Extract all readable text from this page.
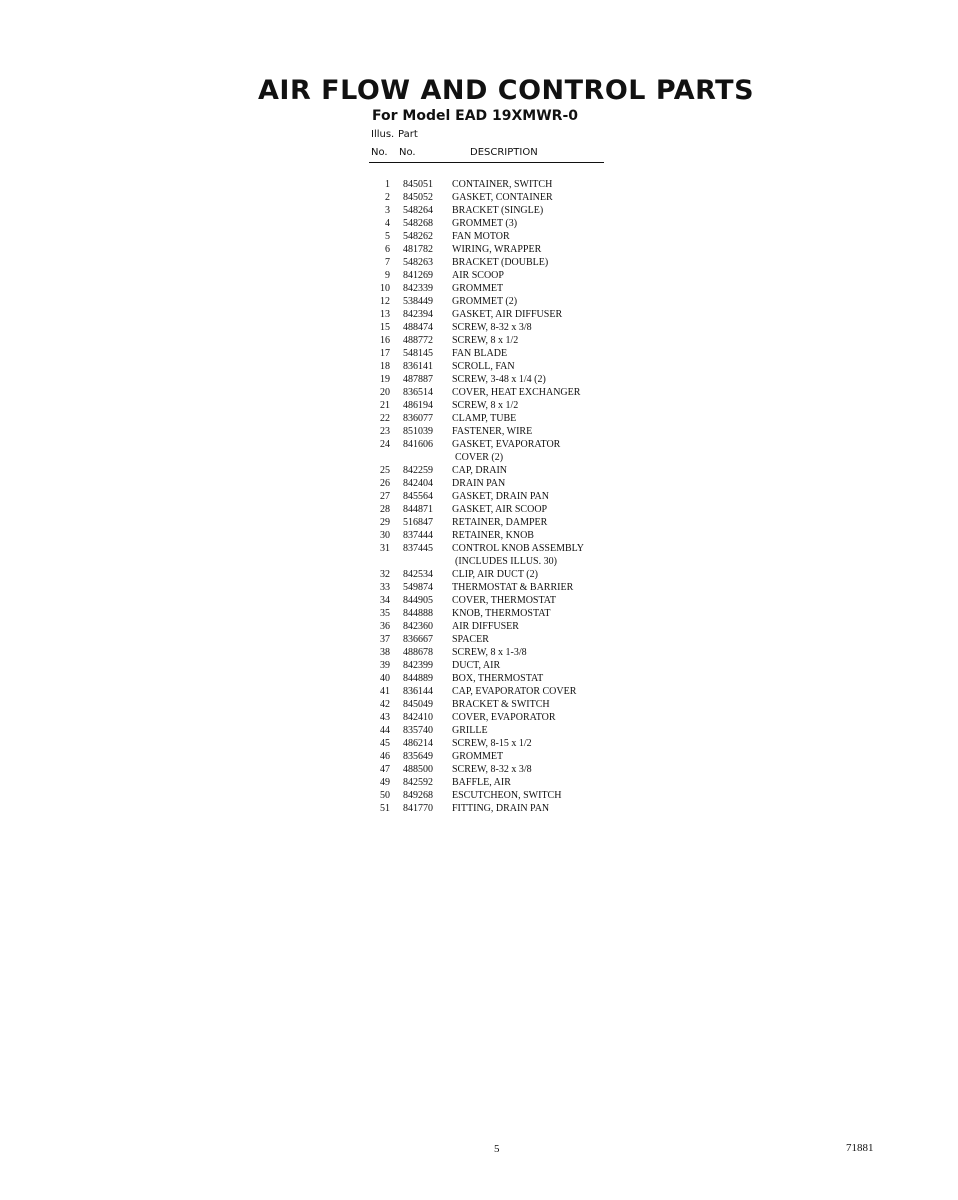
AIR FLOW AND CONTROL PARTS
For Model EAD 19XMWR-0
Illus. Part
No. No.	DESCRIPTION
1 845051 CONTAINER, SWITCH
2 845052 GASKET, CONTAINER
3 548264 BRACKET (SINGLE)
4 548268 GROMMET (3)
5 548262 FAN MOTOR
6 481782 WIRING, WRAPPER
7 548263 BRACKET (DOUBLE)
9 841269 AIR SCOOP
10 842339 GROMMET
12 538449 GROMMET (2)
13 842394 GASKET, AIR DIFFUSER
15 488474 SCREW, 8-32 x 3/8
16 488772 SCREW, 8 x 1/2
17 548145 FAN BLADE
18 836141 SCROLL, FAN
19 487887 SCREW, 3-48 x 1/4 (2)
20 836514 COVER, HEAT EXCHANGER
21 486194 SCREW, 8 x 1/2
22 836077 CLAMP, TUBE
23 851039 FASTENER, WIRE
24 841606 GASKET, EVAPORATOR
COVER (2)
25 842259 CAP, DRAIN
26 842404 DRAIN PAN
27 845564 GASKET, DRAIN PAN
28 844871 GASKET, AIR SCOOP
29 516847 RETAINER, DAMPER
30 837444 RETAINER, KNOB
31 837445 CONTROL KNOB ASSEMBLY
(INCLUDES ILLUS. 30)
32 842534 CLIP, AIR DUCT (2)
33 549874 THERMOSTAT & BARRIER
34 844905 COVER, THERMOSTAT
35 844888 KNOB, THERMOSTAT
36 842360 AIR DIFFUSER
37 836667 SPACER
38 488678 SCREW, 8 x 1-3/8
39 842399 DUCT, AIR
40 844889 BOX, THERMOSTAT
41 836144 CAP, EVAPORATOR COVER
42 845049 BRACKET & SWITCH
43 842410 COVER, EVAPORATOR
44 835740 GRILLE
45 486214 SCREW, 8-15 x 1/2
46 835649 GROMMET
47 488500 SCREW, 8-32 x 3/8
49 842592 BAFFLE, AIR
50 849268 ESCUTCHEON, SWITCH
51 841770 FITTING, DRAIN PAN
5	71881
